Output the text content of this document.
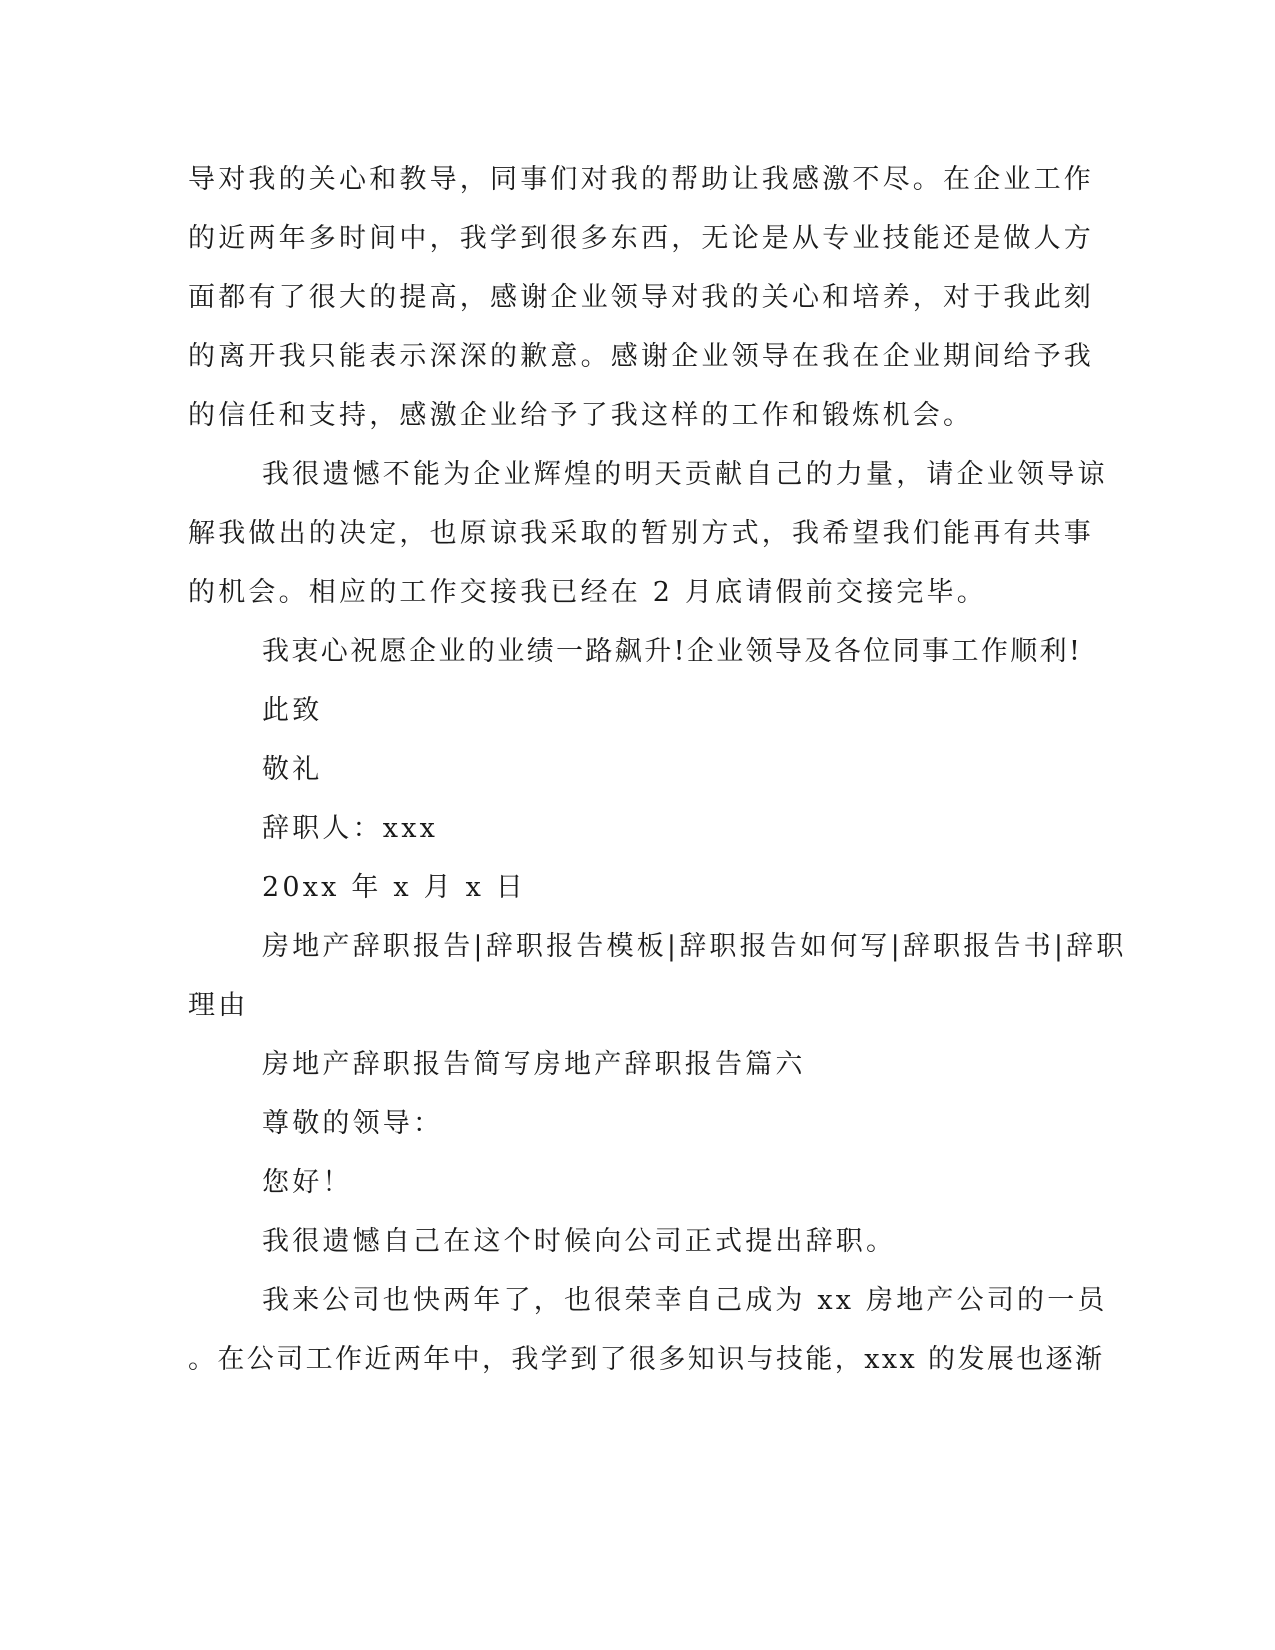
导对我的关心和教导，同事们对我的帮助让我感激不尽。在企业工作
的近两年多时间中，我学到很多东西，无论是从专业技能还是做人方
面都有了很大的提高，感谢企业领导对我的关心和培养，对于我此刻
的离开我只能表示深深的歉意。感谢企业领导在我在企业期间给予我
的信任和支持，感激企业给予了我这样的工作和锻炼机会。
我很遗憾不能为企业辉煌的明天贡献自己的力量，请企业领导谅
解我做出的决定，也原谅我采取的暂别方式，我希望我们能再有共事
的机会。相应的工作交接我已经在 2 月底请假前交接完毕。
我衷心祝愿企业的业绩一路飙升!企业领导及各位同事工作顺利!
此致
敬礼
辞职人：xxx
20xx 年 x 月 x 日
房地产辞职报告|辞职报告模板|辞职报告如何写|辞职报告书|辞职
理由
房地产辞职报告简写房地产辞职报告篇六
尊敬的领导：
您好！
我很遗憾自己在这个时候向公司正式提出辞职。
我来公司也快两年了，也很荣幸自己成为 xx 房地产公司的一员
。在公司工作近两年中，我学到了很多知识与技能，xxx 的发展也逐渐
